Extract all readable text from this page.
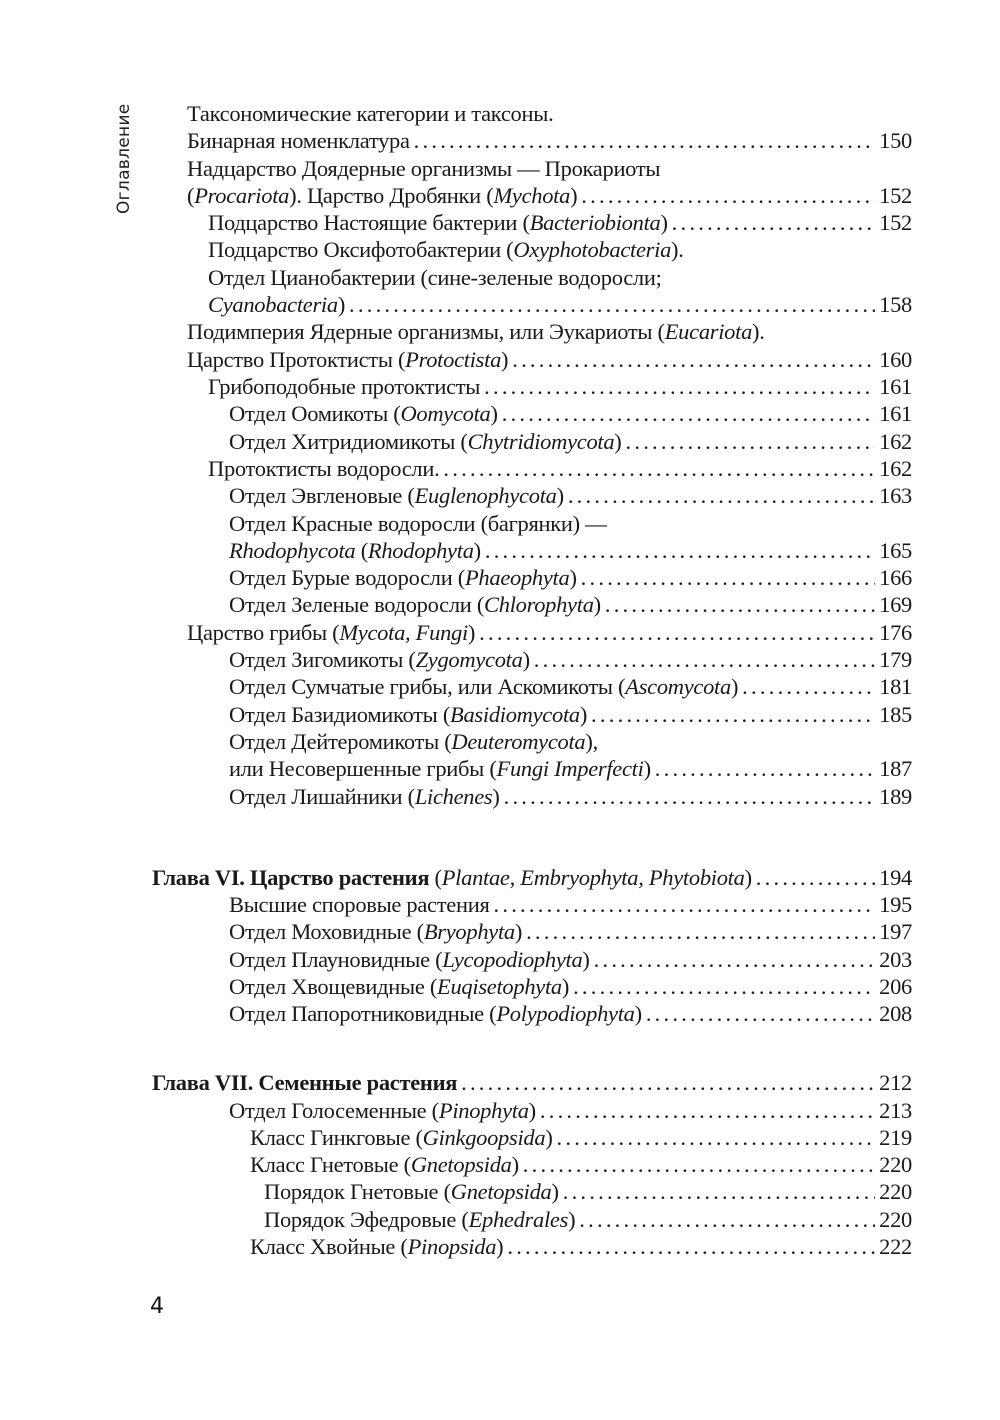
Оглавление Таксономические категории и таксоны.
Бинарная номенклатура . . .	150
Надцарство Доядерные организмы — Прокариоты
(Procariota). Царство Дробянки (Mychota) . . .	152
Подцарство Настоящие бактерии (Bacteriobionta) . . .	152
Подцарство Оксифотобактерии (Oxyphotobacteria).
Отдел Цианобактерии (сине-зеленые водоросли;
Cyanobacteria) . . .	158
Подимперия Ядерные организмы, или Эукариоты (Eucariota).
Царство Протоктисты (Protoctista) . . .	160
Грибоподобные протоктисты . . .	161
Отдел Оомикоты (Oomycota) . . .	161
Отдел Хитридиомикоты (Chytridiomycota) . . .	162
Протоктисты водоросли. . . .	162
Отдел Эвгленовые (Euglenophycota) . . .	163
Отдел Красные водоросли (багрянки) —
Rhodophycota (Rhodophyta) . . .	165
Отдел Бурые водоросли (Phaeophyta) . . .	166
Отдел Зеленые водоросли (Chlorophyta) . . .	169
Царство грибы (Mycota, Fungi) . . .	176
Отдел Зигомикоты (Zygomycota) . . .	179
Отдел Сумчатые грибы, или Аскомикоты (Ascomycota) . . .	181
Отдел Базидиомикоты (Basidiomycota) . . .	185
Отдел Дейтеромикоты (Deuteromycota),
или Несовершенные грибы (Fungi Imperfecti) . . .	187
Отдел Лишайники (Lichenes) . . .	189
Глава VI. Царство растения (Plantae, Embryophyta, Phytobiota) . . .	194
Высшие споровые растения . . .	195
Отдел Моховидные (Bryophyta) . . .	197
Отдел Плауновидные (Lycopodiophyta) . . .	203
Отдел Хвощевидные (Euqisetophyta) . . .	206
Отдел Папоротниковидные (Polypodiophyta) . . .	208
Глава VII. Семенные растения . . .	212
Отдел Голосеменные (Pinophyta) . . .	213
Класс Гинкговые (Ginkgoopsida) . . .	219
Класс Гнетовые (Gnetopsida) . . .	220
Порядок Гнетовые (Gnetopsida) . . .	220
Порядок Эфедровые (Ephedrales) . . .	220
Класс Хвойные (Pinopsida) . . .	222
4
